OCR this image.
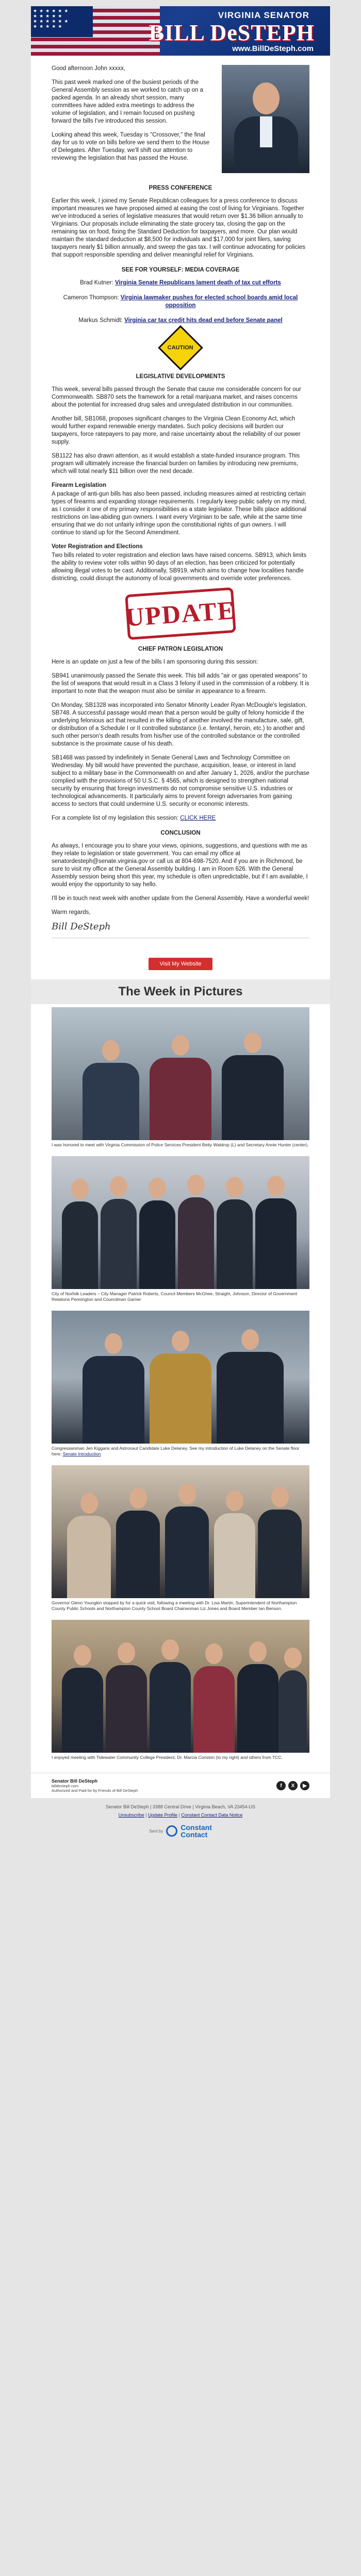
★★★★★★ ★★★★★ ★★★★★★ ★★★★★
VIRGINIA SENATOR
BILL DeSTEPH
www.BillDeSteph.com

Good afternoon John xxxxx,

This past week marked one of the busiest periods of the General Assembly session as we worked to catch up on a packed agenda. In an already short session, many committees have added extra meetings to address the volume of legislation, and I remain focused on pushing forward the bills I've introduced this session.

Looking ahead this week, Tuesday is "Crossover," the final day for us to vote on bills before we send them to the House of Delegates. After Tuesday, we'll shift our attention to reviewing the legislation that has passed the House.

PRESS CONFERENCE

Earlier this week, I joined my Senate Republican colleagues for a press conference to discuss important measures we have proposed aimed at easing the cost of living for Virginians. Together we've introduced a series of legislative measures that would return over $1.36 billion annually to Virginians. Our proposals include eliminating the state grocery tax, closing the gap on the remaining tax on food, fixing the Standard Deduction for taxpayers, and more. Our plan would maintain the standard deduction at $8,500 for individuals and $17,000 for joint filers, saving taxpayers nearly $1 billion annually, and sweep the gas tax. I will continue advocating for policies that support responsible spending and deliver meaningful relief for Virginians.

SEE FOR YOURSELF: MEDIA COVERAGE
Brad Kutner: Virginia Senate Republicans lament death of tax cut efforts
Cameron Thompson: Virginia lawmaker pushes for elected school boards amid local opposition
Markus Schmidt: Virginia car tax credit hits dead end before Senate panel
CAUTION
LEGISLATIVE DEVELOPMENTS

This week, several bills passed through the Senate that cause me considerable concern for our Commonwealth. SB870 sets the framework for a retail marijuana market, and raises concerns about the potential for increased drug sales and unregulated distribution in our communities.

Another bill, SB1068, proposes significant changes to the Virginia Clean Economy Act, which would further expand renewable energy mandates. Such policy decisions will burden our taxpayers, force ratepayers to pay more, and raise uncertainty about the reliability of our power supply.

SB1122 has also drawn attention, as it would establish a state-funded insurance program. This program will ultimately increase the financial burden on families by introducing new premiums, which will total nearly $11 billion over the next decade.

Firearm Legislation

A package of anti-gun bills has also been passed, including measures aimed at restricting certain types of firearms and expanding storage requirements. I regularly keep public safety on my mind, as I consider it one of my primary responsibilities as a state legislator. These bills place additional restrictions on law-abiding gun owners. I want every Virginian to be safe, while at the same time ensuring that we do not unfairly infringe upon the constitutional rights of gun owners. I will continue to stand up for the Second Amendment.

Voter Registration and Elections

Two bills related to voter registration and election laws have raised concerns. SB913, which limits the ability to review voter rolls within 90 days of an election, has been criticized for potentially allowing illegal votes to be cast. Additionally, SB919, which aims to change how localities handle districting, could disrupt the autonomy of local governments and override voter preferences.

UPDATE
CHIEF PATRON LEGISLATION

Here is an update on just a few of the bills I am sponsoring during this session:

SB941 unanimously passed the Senate this week. This bill adds "air or gas operated weapons" to the list of weapons that would result in a Class 3 felony if used in the commission of a robbery. It is important to note that the weapon must also be similar in appearance to a firearm.

On Monday, SB1328 was incorporated into Senator Minority Leader Ryan McDougle's legislation, SB748. A successful passage would mean that a person would be guilty of felony homicide if the underlying felonious act that resulted in the killing of another involved the manufacture, sale, gift, or distribution of a Schedule I or II controlled substance (i.e. fentanyl, heroin, etc.) to another and such other person's death results from his/her use of the controlled substance or the controlled substance is the proximate cause of his death.

SB1468 was passed by indefinitely in Senate General Laws and Technology Committee on Wednesday. My bill would have prevented the purchase, acquisition, lease, or interest in land subject to a military base in the Commonwealth on and after January 1, 2026, and/or the purchase complied with the provisions of 50 U.S.C. § 4565, which is designed to strengthen national security by ensuring that foreign investments do not compromise sensitive U.S. industries or technological advancements. It particularly aims to prevent foreign adversaries from gaining access to sectors that could undermine U.S. security or economic interests.

For a complete list of my legislation this session: CLICK HERE

CONCLUSION

As always, I encourage you to share your views, opinions, suggestions, and questions with me as they relate to legislation or state government. You can email my office at senatordesteph@senate.virginia.gov or call us at 804-698-7520. And if you are in Richmond, be sure to visit my office at the General Assembly building. I am in Room 626. With the General Assembly session being short this year, my schedule is often unpredictable, but if I am available, I would enjoy the opportunity to say hello.

I'll be in touch next week with another update from the General Assembly. Have a wonderful week!

Warm regards,

Bill DeSteph
Visit My Website
The Week in Pictures
I was honored to meet with Virginia Commission of Police Services President Betty Waldrop (L) and Secretary Annie Hunter (center).
City of Norfolk Leaders – City Manager Patrick Roberts, Council Members McGhee, Straight, Johnson, Director of Government Relations Pennington and Councilman Garner
Congresswoman Jen Kiggans and Astronaut Candidate Luke Delaney. See my introduction of Luke Delaney on the Senate floor here: Senate Introduction
Governor Glenn Youngkin stopped by for a quick visit, following a meeting with Dr. Lisa Martin, Superintendent of Northampton County Public Schools and Northampton County School Board Chairwoman Liz Jones and Board Member Ian Benson.
I enjoyed meeting with Tidewater Community College President, Dr. Marcia Conston (to my right) and others from TCC.
Senator Bill DeSteph
billdesteph.com
Authorized and Paid for by Friends of Bill DeSteph
f	X	▶
Senator Bill DeSteph | 3388 Central Drive | Virginia Beach, VA 23454-US
Unsubscribe | Update Profile | Constant Contact Data Notice
Sent by Constant
Contact
